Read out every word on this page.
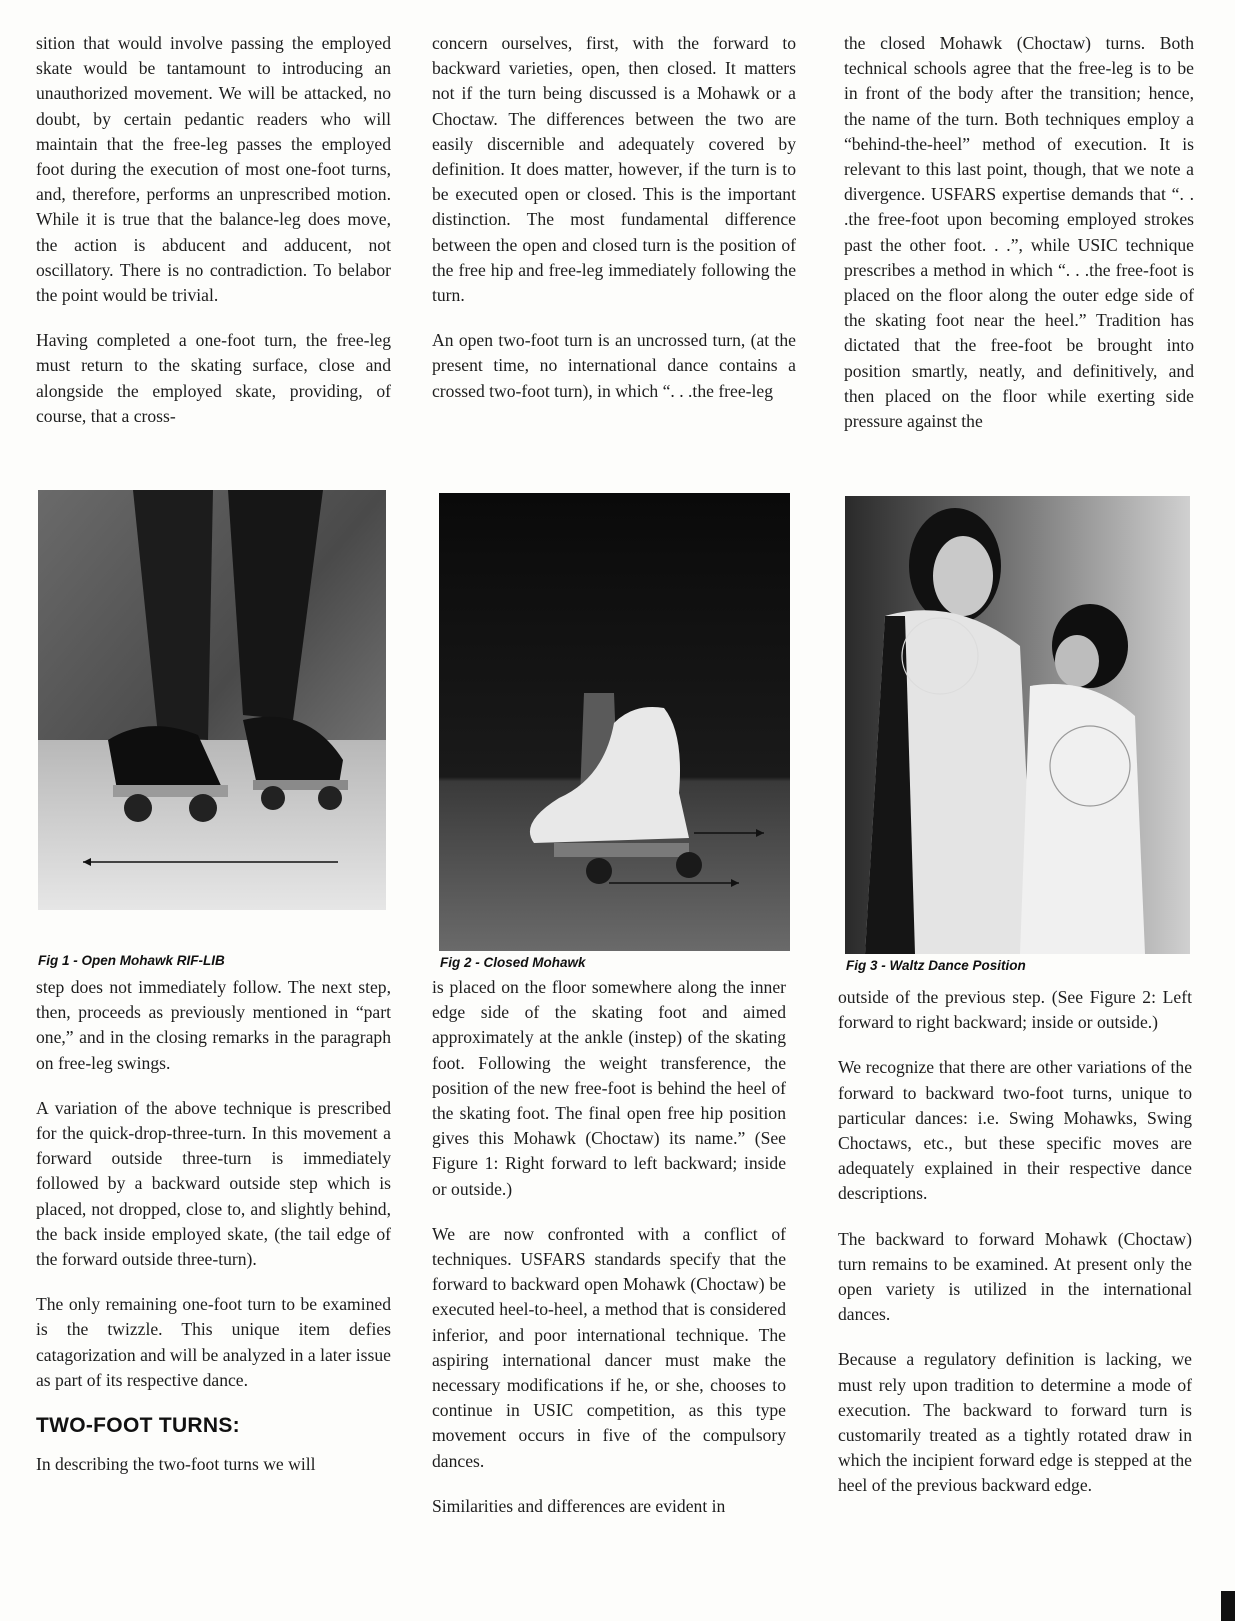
sition that would involve passing the employed skate would be tantamount to introducing an unauthorized movement. We will be attacked, no doubt, by certain pedantic readers who will maintain that the free-leg passes the employed foot during the execution of most one-foot turns, and, therefore, performs an unprescribed motion. While it is true that the balance-leg does move, the action is abducent and adducent, not oscillatory. There is no contradiction. To belabor the point would be trivial.

Having completed a one-foot turn, the free-leg must return to the skating surface, close and alongside the employed skate, providing, of course, that a cross-

concern ourselves, first, with the forward to backward varieties, open, then closed. It matters not if the turn being discussed is a Mohawk or a Choctaw. The differences between the two are easily discernible and adequately covered by definition. It does matter, however, if the turn is to be executed open or closed. This is the important distinction. The most fundamental difference between the open and closed turn is the position of the free hip and free-leg immediately following the turn.

An open two-foot turn is an uncrossed turn, (at the present time, no international dance contains a crossed two-foot turn), in which “. . .the free-leg

the closed Mohawk (Choctaw) turns. Both technical schools agree that the free-leg is to be in front of the body after the transition; hence, the name of the turn. Both techniques employ a “behind-the-heel” method of execution. It is relevant to this last point, though, that we note a divergence. USFARS expertise demands that “. . .the free-foot upon becoming employed strokes past the other foot. . .”, while USIC technique prescribes a method in which “. . .the free-foot is placed on the floor along the outer edge side of the skating foot near the heel.” Tradition has dictated that the free-foot be brought into position smartly, neatly, and definitively, and then placed on the floor while exerting side pressure against the

Fig 1 - Open Mohawk RIF-LIB	Fig 2 - Closed Mohawk	Fig 3 - Waltz Dance Position

step does not immediately follow. The next step, then, proceeds as previously mentioned in “part one,” and in the closing remarks in the paragraph on free-leg swings.

A variation of the above technique is prescribed for the quick-drop-three-turn. In this movement a forward outside three-turn is immediately followed by a backward outside step which is placed, not dropped, close to, and slightly behind, the back inside employed skate, (the tail edge of the forward outside three-turn).

The only remaining one-foot turn to be examined is the twizzle. This unique item defies catagorization and will be analyzed in a later issue as part of its respective dance.

TWO-FOOT TURNS:

In describing the two-foot turns we will

is placed on the floor somewhere along the inner edge side of the skating foot and aimed approximately at the ankle (instep) of the skating foot. Following the weight transference, the position of the new free-foot is behind the heel of the skating foot. The final open free hip position gives this Mohawk (Choctaw) its name.” (See Figure 1: Right forward to left backward; inside or outside.)

We are now confronted with a conflict of techniques. USFARS standards specify that the forward to backward open Mohawk (Choctaw) be executed heel-to-heel, a method that is considered inferior, and poor international technique. The aspiring international dancer must make the necessary modifications if he, or she, chooses to continue in USIC competition, as this type movement occurs in five of the compulsory dances.

Similarities and differences are evident in

outside of the previous step. (See Figure 2: Left forward to right backward; inside or outside.)

We recognize that there are other variations of the forward to backward two-foot turns, unique to particular dances: i.e. Swing Mohawks, Swing Choctaws, etc., but these specific moves are adequately explained in their respective dance descriptions.

The backward to forward Mohawk (Choctaw) turn remains to be examined. At present only the open variety is utilized in the international dances.

Because a regulatory definition is lacking, we must rely upon tradition to determine a mode of execution. The backward to forward turn is customarily treated as a tightly rotated draw in which the incipient forward edge is stepped at the heel of the previous backward edge.
